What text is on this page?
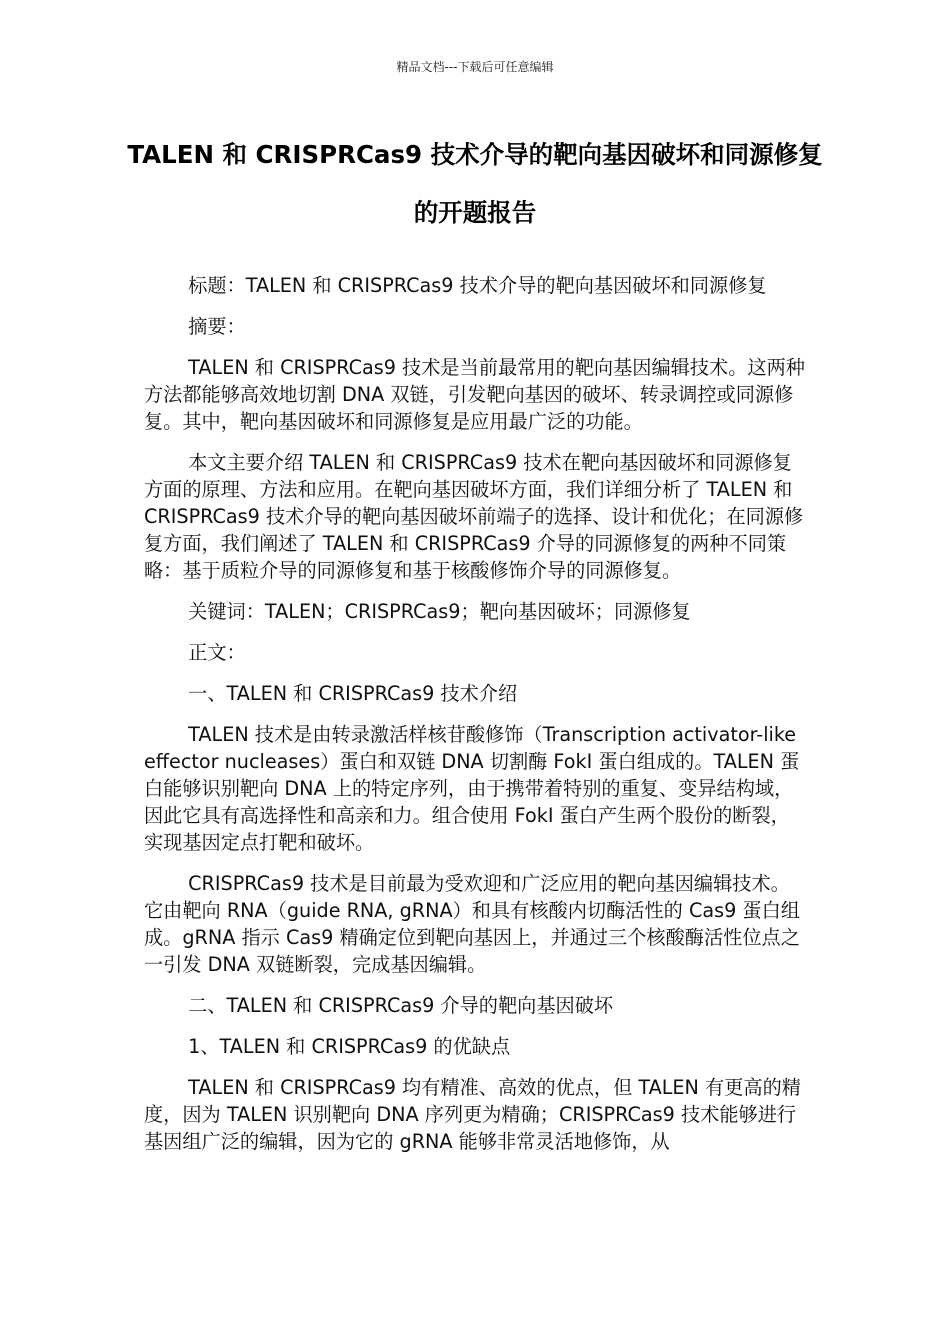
精品文档---下载后可任意编辑
TALEN 和 CRISPRCas9 技术介导的靶向基因破坏和同源修复的开题报告

标题：TALEN 和 CRISPRCas9 技术介导的靶向基因破坏和同源修复

摘要：

TALEN 和 CRISPRCas9 技术是当前最常用的靶向基因编辑技术。这两种方法都能够高效地切割 DNA 双链，引发靶向基因的破坏、转录调控或同源修复。其中，靶向基因破坏和同源修复是应用最广泛的功能。

本文主要介绍 TALEN 和 CRISPRCas9 技术在靶向基因破坏和同源修复方面的原理、方法和应用。在靶向基因破坏方面，我们详细分析了 TALEN 和 CRISPRCas9 技术介导的靶向基因破坏前端子的选择、设计和优化；在同源修复方面，我们阐述了 TALEN 和 CRISPRCas9 介导的同源修复的两种不同策略：基于质粒介导的同源修复和基于核酸修饰介导的同源修复。

关键词：TALEN；CRISPRCas9；靶向基因破坏；同源修复

正文：

一、TALEN 和 CRISPRCas9 技术介绍

TALEN 技术是由转录激活样核苷酸修饰（Transcription activator-like effector nucleases）蛋白和双链 DNA 切割酶 FokI 蛋白组成的。TALEN 蛋白能够识别靶向 DNA 上的特定序列，由于携带着特别的重复、变异结构域，因此它具有高选择性和高亲和力。组合使用 FokI 蛋白产生两个股份的断裂，实现基因定点打靶和破坏。

CRISPRCas9 技术是目前最为受欢迎和广泛应用的靶向基因编辑技术。它由靶向 RNA（guide RNA, gRNA）和具有核酸内切酶活性的 Cas9 蛋白组成。gRNA 指示 Cas9 精确定位到靶向基因上，并通过三个核酸酶活性位点之一引发 DNA 双链断裂，完成基因编辑。

二、TALEN 和 CRISPRCas9 介导的靶向基因破坏

1、TALEN 和 CRISPRCas9 的优缺点

TALEN 和 CRISPRCas9 均有精准、高效的优点，但 TALEN 有更高的精度，因为 TALEN 识别靶向 DNA 序列更为精确；CRISPRCas9 技术能够进行基因组广泛的编辑，因为它的 gRNA 能够非常灵活地修饰，从
